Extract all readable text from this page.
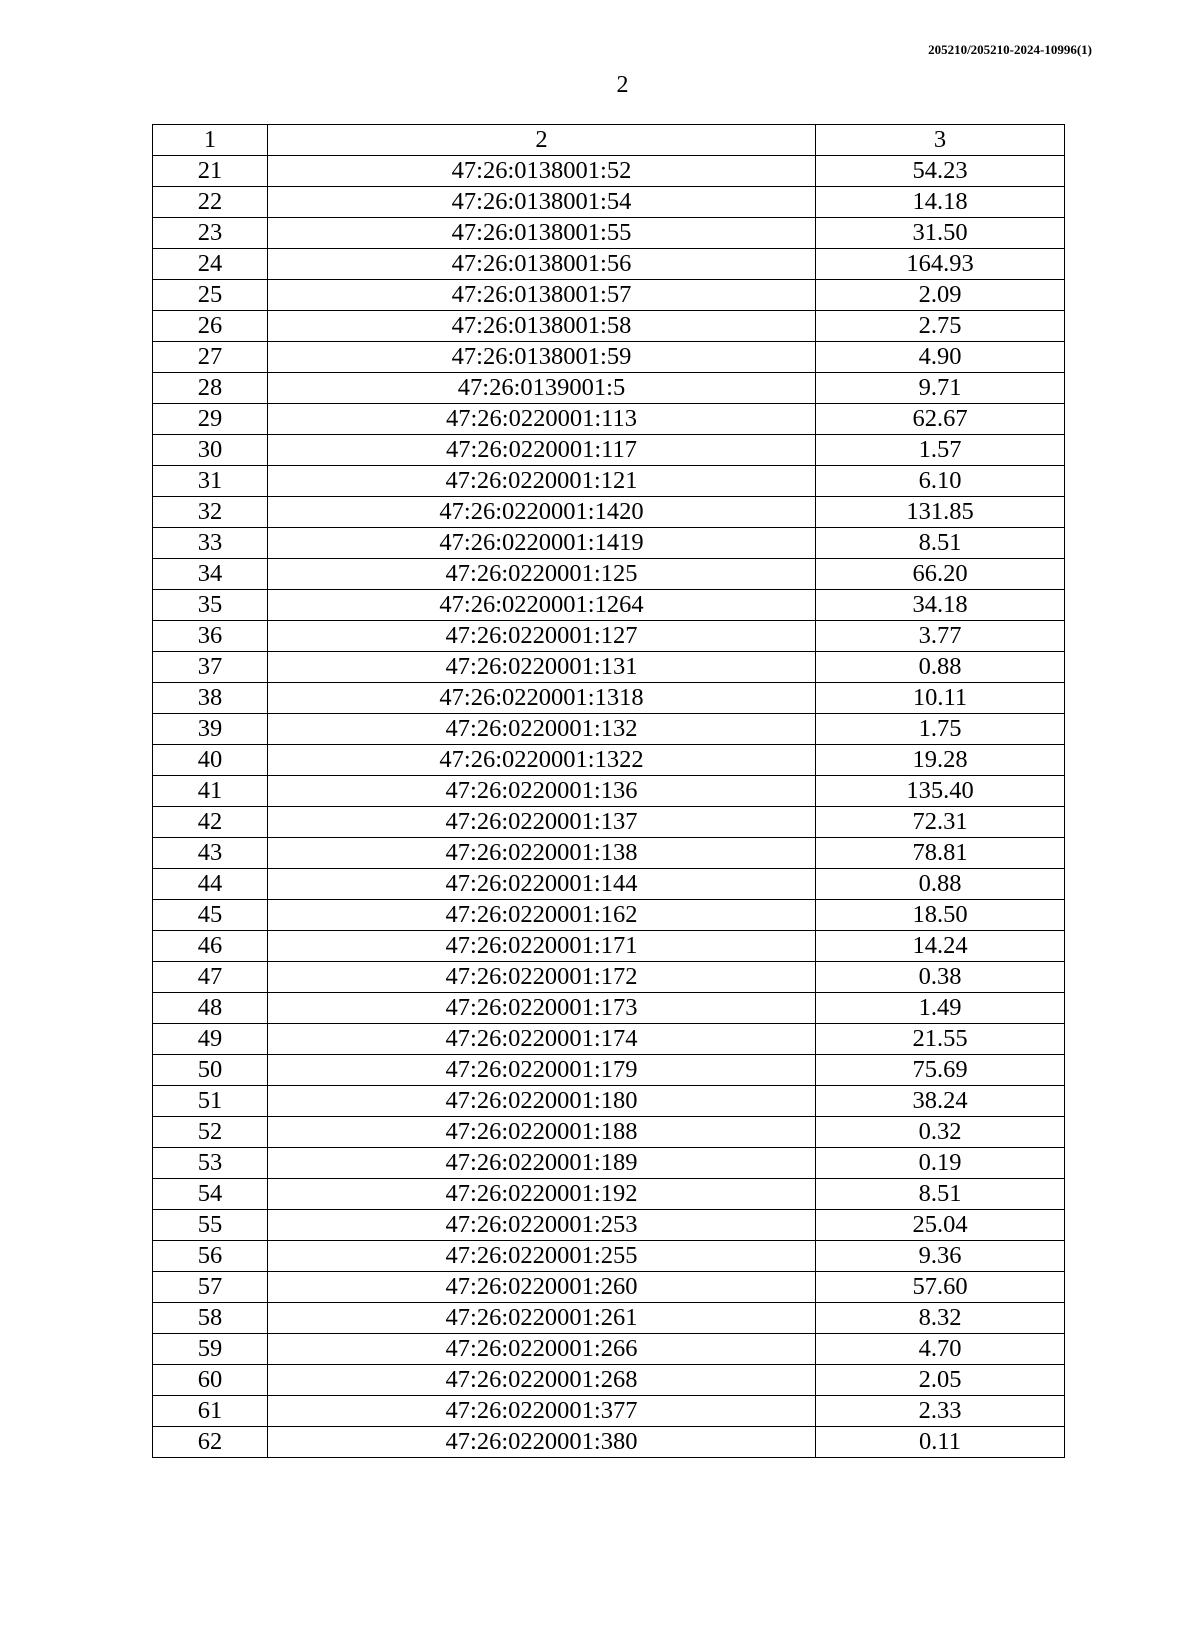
205210/205210-2024-10996(1)
2
1	2	3
21	47:26:0138001:52	54.23
22	47:26:0138001:54	14.18
23	47:26:0138001:55	31.50
24	47:26:0138001:56	164.93
25	47:26:0138001:57	2.09
26	47:26:0138001:58	2.75
27	47:26:0138001:59	4.90
28	47:26:0139001:5	9.71
29	47:26:0220001:113	62.67
30	47:26:0220001:117	1.57
31	47:26:0220001:121	6.10
32	47:26:0220001:1420	131.85
33	47:26:0220001:1419	8.51
34	47:26:0220001:125	66.20
35	47:26:0220001:1264	34.18
36	47:26:0220001:127	3.77
37	47:26:0220001:131	0.88
38	47:26:0220001:1318	10.11
39	47:26:0220001:132	1.75
40	47:26:0220001:1322	19.28
41	47:26:0220001:136	135.40
42	47:26:0220001:137	72.31
43	47:26:0220001:138	78.81
44	47:26:0220001:144	0.88
45	47:26:0220001:162	18.50
46	47:26:0220001:171	14.24
47	47:26:0220001:172	0.38
48	47:26:0220001:173	1.49
49	47:26:0220001:174	21.55
50	47:26:0220001:179	75.69
51	47:26:0220001:180	38.24
52	47:26:0220001:188	0.32
53	47:26:0220001:189	0.19
54	47:26:0220001:192	8.51
55	47:26:0220001:253	25.04
56	47:26:0220001:255	9.36
57	47:26:0220001:260	57.60
58	47:26:0220001:261	8.32
59	47:26:0220001:266	4.70
60	47:26:0220001:268	2.05
61	47:26:0220001:377	2.33
62	47:26:0220001:380	0.11
